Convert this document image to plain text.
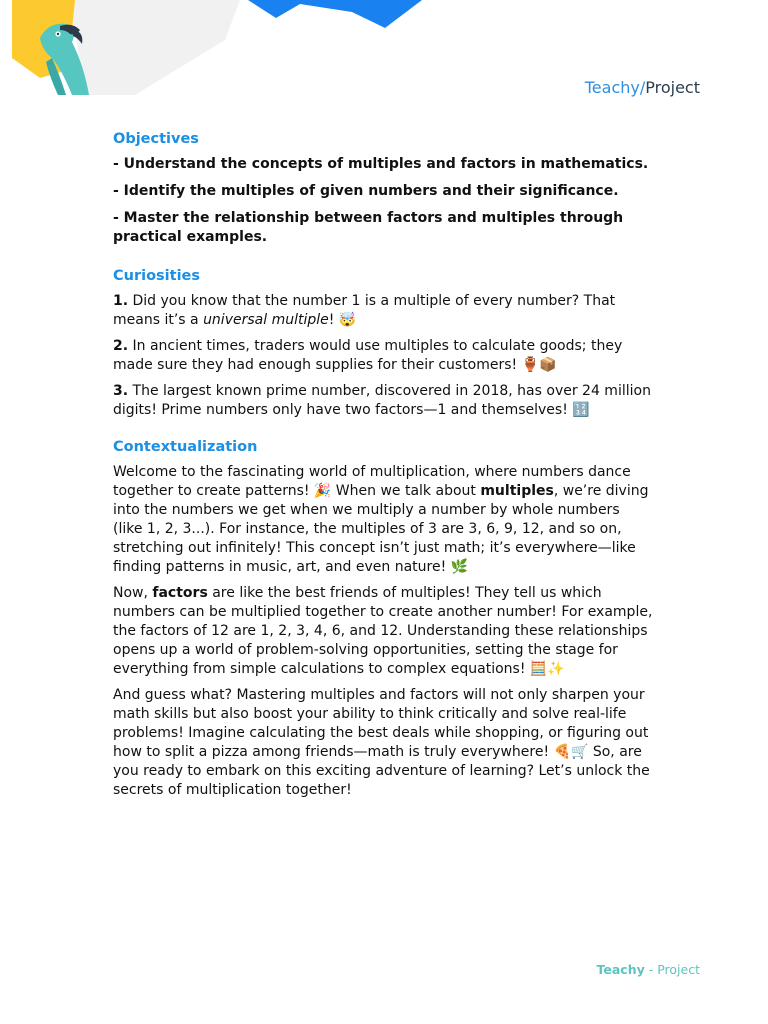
Teachy/Project
Objectives

- Understand the concepts of multiples and factors in mathematics.

- Identify the multiples of given numbers and their significance.

- Master the relationship between factors and multiples through practical examples.

Curiosities

1. Did you know that the number 1 is a multiple of every number? That means it’s a universal multiple! 🤯

2. In ancient times, traders would use multiples to calculate goods; they made sure they had enough supplies for their customers! 🏺📦

3. The largest known prime number, discovered in 2018, has over 24 million digits! Prime numbers only have two factors—1 and themselves! 🔢

Contextualization

Welcome to the fascinating world of multiplication, where numbers dance together to create patterns! 🎉 When we talk about multiples, we’re diving into the numbers we get when we multiply a number by whole numbers (like 1, 2, 3...). For instance, the multiples of 3 are 3, 6, 9, 12, and so on, stretching out infinitely! This concept isn’t just math; it’s everywhere—like finding patterns in music, art, and even nature! 🌿

Now, factors are like the best friends of multiples! They tell us which numbers can be multiplied together to create another number! For example, the factors of 12 are 1, 2, 3, 4, 6, and 12. Understanding these relationships opens up a world of problem-solving opportunities, setting the stage for everything from simple calculations to complex equations! 🧮✨

And guess what? Mastering multiples and factors will not only sharpen your math skills but also boost your ability to think critically and solve real-life problems! Imagine calculating the best deals while shopping, or figuring out how to split a pizza among friends—math is truly everywhere! 🍕🛒 So, are you ready to embark on this exciting adventure of learning? Let’s unlock the secrets of multiplication together!

Teachy - Project
